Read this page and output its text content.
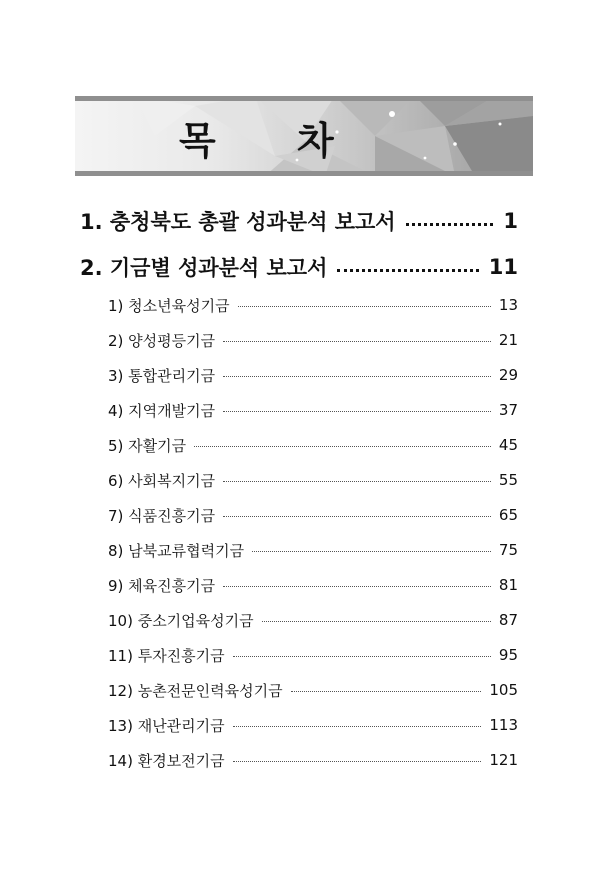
목 차
1. 충청북도 총괄 성과분석 보고서	1
2. 기금별 성과분석 보고서	11
1) 청소년육성기금	13
2) 양성평등기금	21
3) 통합관리기금	29
4) 지역개발기금	37
5) 자활기금	45
6) 사회복지기금	55
7) 식품진흥기금	65
8) 남북교류협력기금	75
9) 체육진흥기금	81
10) 중소기업육성기금	87
11) 투자진흥기금	95
12) 농촌전문인력육성기금	105
13) 재난관리기금	113
14) 환경보전기금	121
